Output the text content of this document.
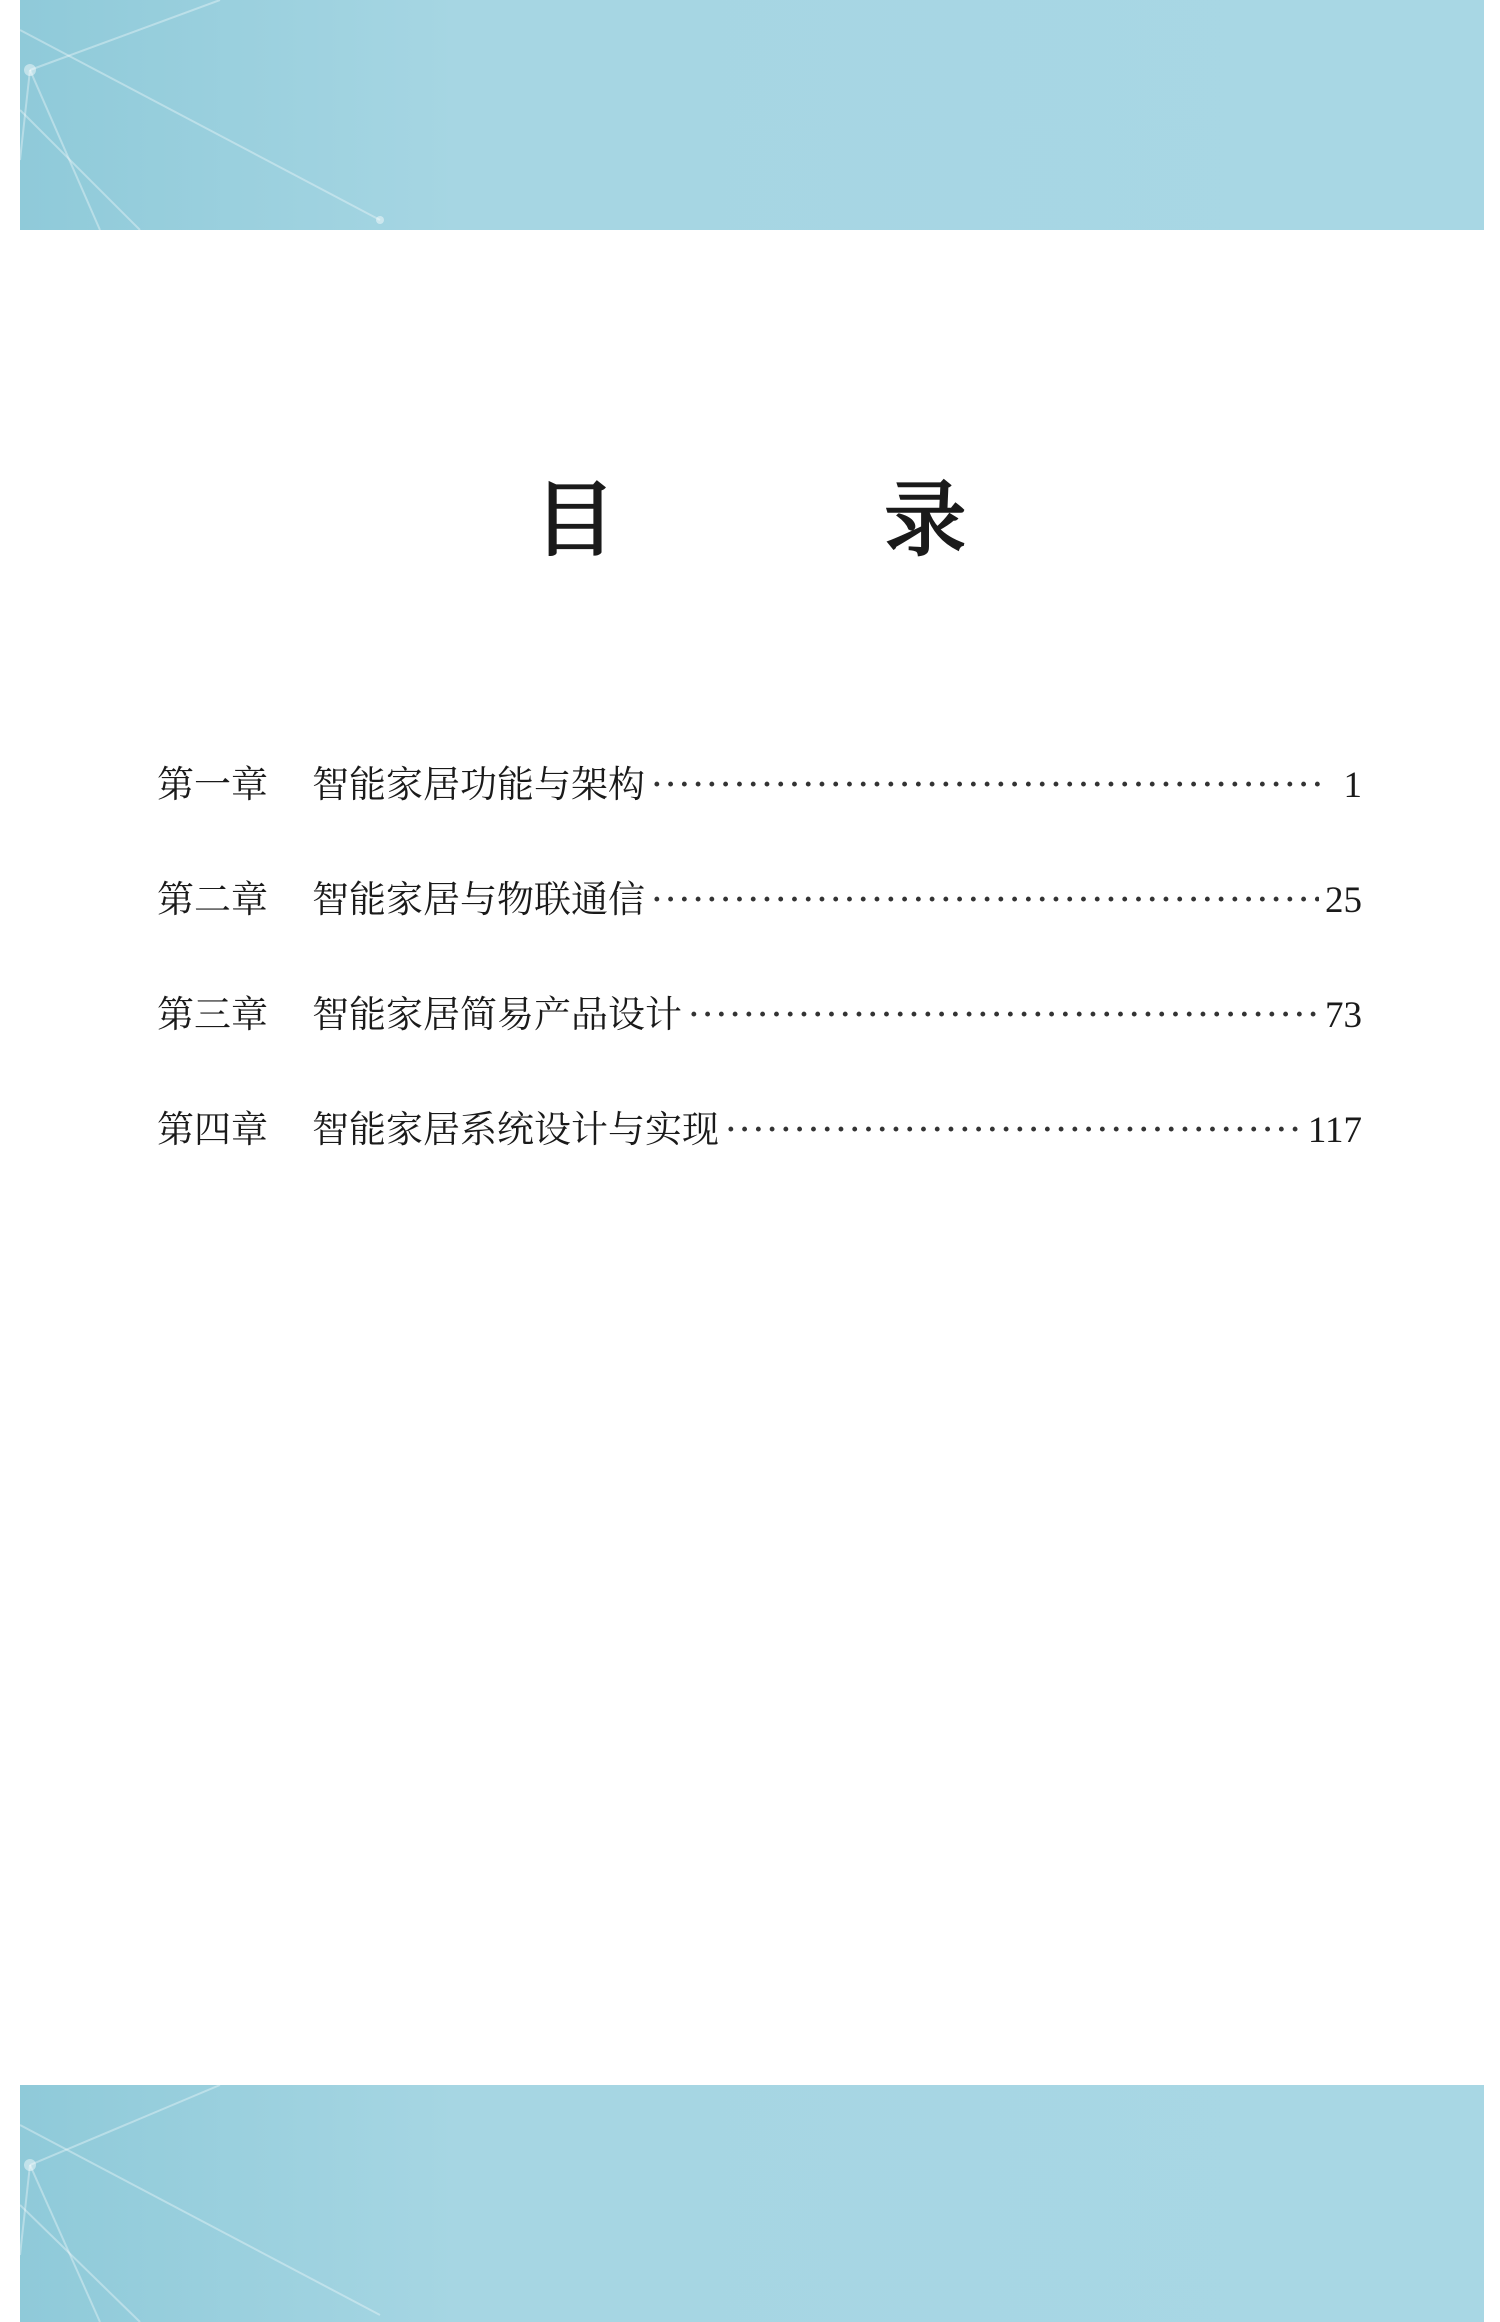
目 录
第一章	智能家居功能与架构 ·····	1
第二章	智能家居与物联通信 ·····	25
第三章	智能家居简易产品设计 ·····	73
第四章	智能家居系统设计与实现 ·····	117
